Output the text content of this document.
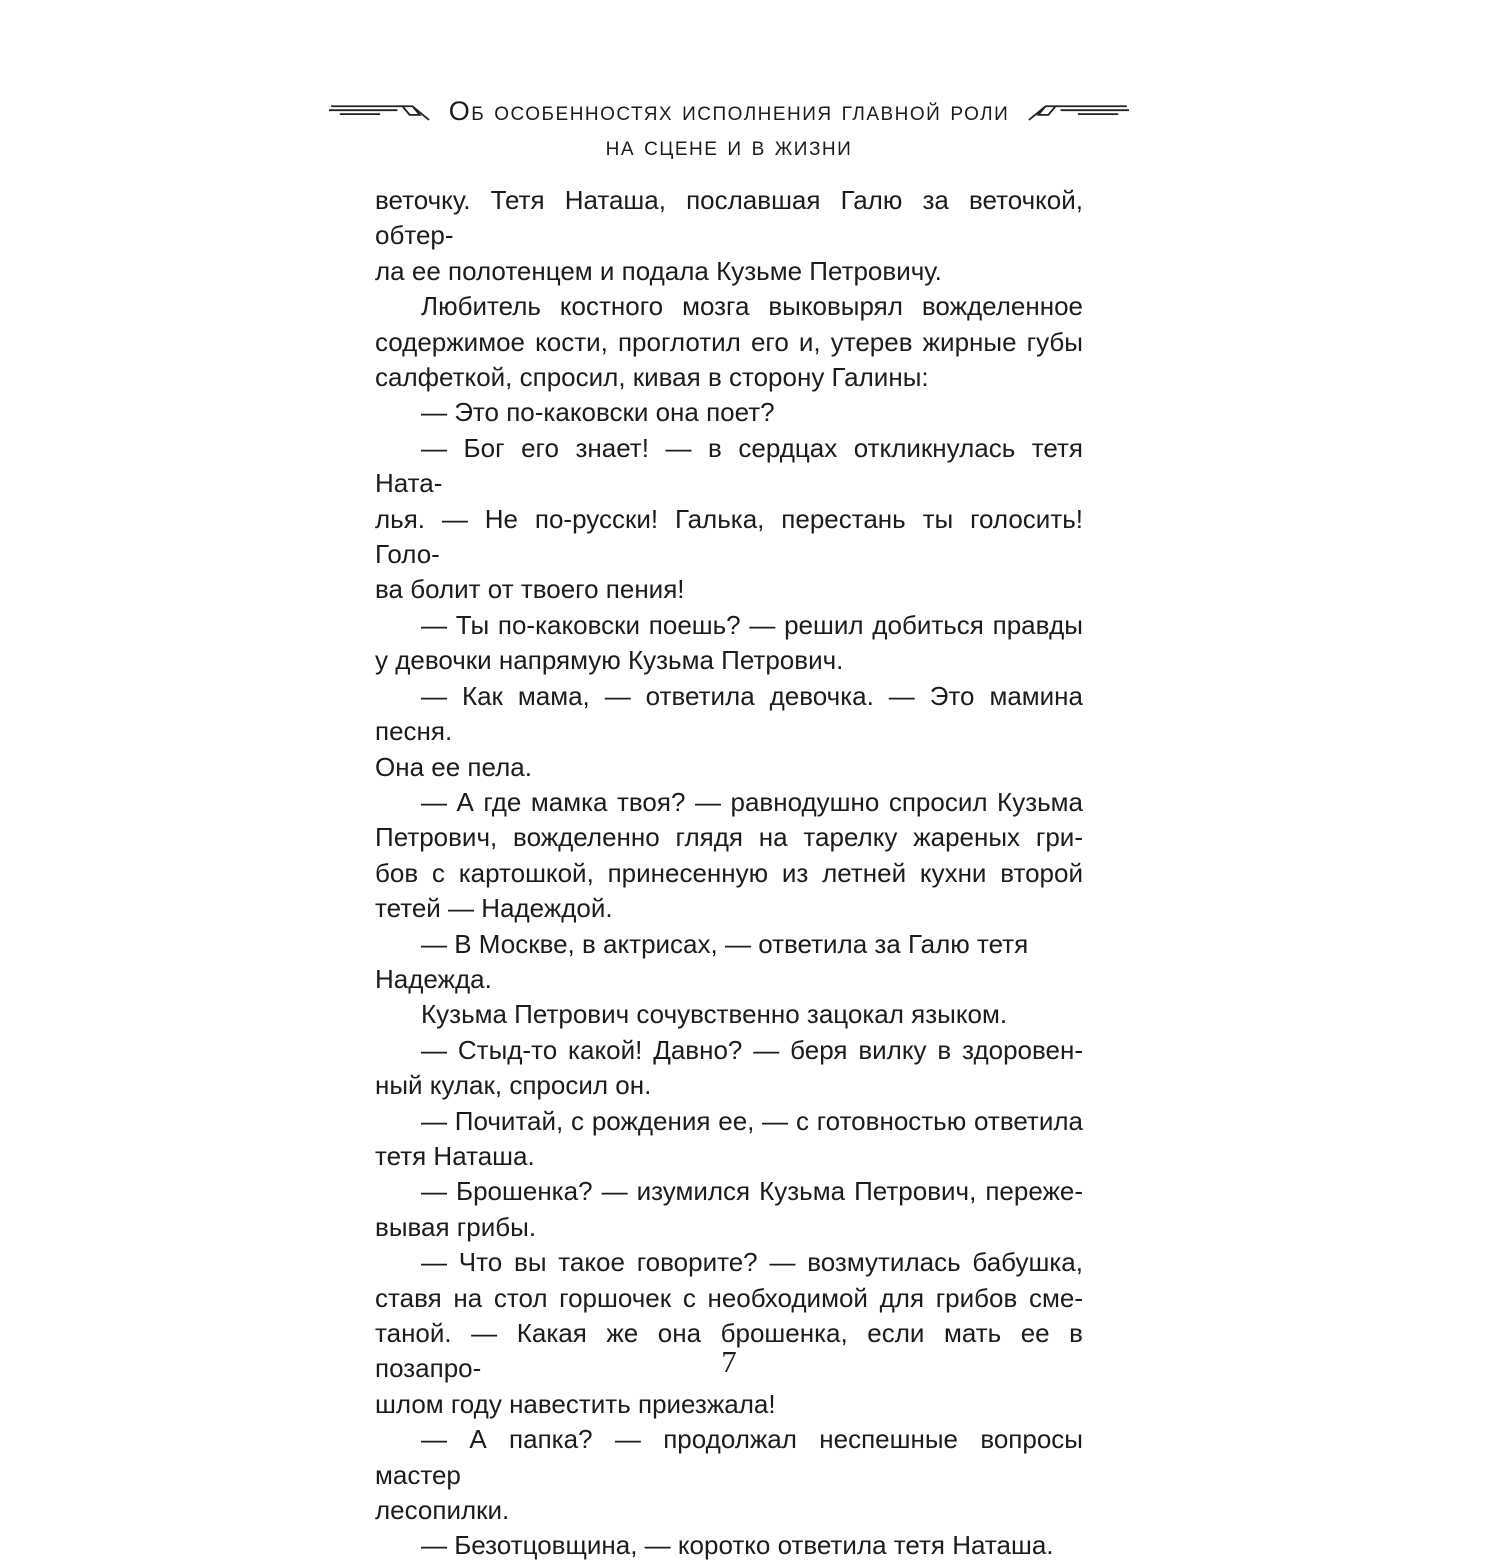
Об особенностях исполнения главной роли
на сцене и в жизни
веточку. Тетя Наташа, пославшая Галю за веточкой, обтер-
ла ее полотенцем и подала Кузьме Петровичу.
Любитель костного мозга выковырял вожделенное
содержимое кости, проглотил его и, утерев жирные губы
салфеткой, спросил, кивая в сторону Галины:
— Это по-каковски она поет?
— Бог его знает! — в сердцах откликнулась тетя Ната-
лья. — Не по-русски! Галька, перестань ты голосить! Голо-
ва болит от твоего пения!
— Ты по-каковски поешь? — решил добиться правды
у девочки напрямую Кузьма Петрович.
— Как мама, — ответила девочка. — Это мамина песня.
Она ее пела.
— А где мамка твоя? — равнодушно спросил Кузьма
Петрович, вожделенно глядя на тарелку жареных гри-
бов с картошкой, принесенную из летней кухни второй
тетей — Надеждой.
— В Москве, в актрисах, — ответила за Галю тетя Надежда.
Кузьма Петрович сочувственно зацокал языком.
— Стыд-то какой! Давно? — беря вилку в здоровен-
ный кулак, спросил он.
— Почитай, с рождения ее, — с готовностью ответила
тетя Наташа.
— Брошенка? — изумился Кузьма Петрович, переже-
вывая грибы.
— Что вы такое говорите? — возмутилась бабушка,
ставя на стол горшочек с необходимой для грибов сме-
таной. — Какая же она брошенка, если мать ее в позапро-
шлом году навестить приезжала!
— А папка? — продолжал неспешные вопросы мастер
лесопилки.
— Безотцовщина, — коротко ответила тетя Наташа.
7
